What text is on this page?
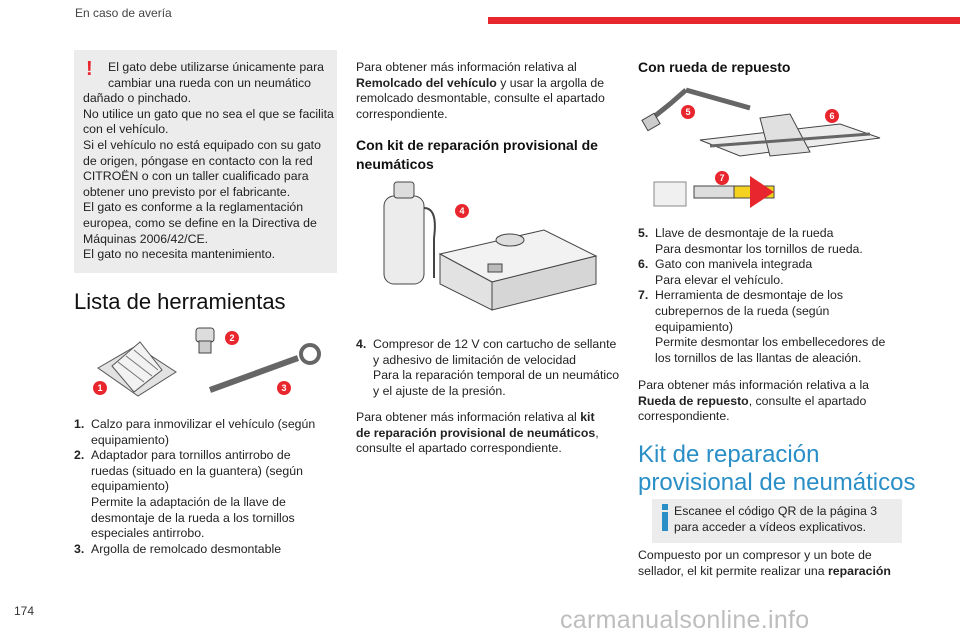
En caso de avería
!	El gato debe utilizarse únicamente para
cambiar una rueda con un neumático
dañado o pinchado.
No utilice un gato que no sea el que se facilita
con el vehículo.
Si el vehículo no está equipado con su gato
de origen, póngase en contacto con la red
CITROËN o con un taller cualificado para
obtener uno previsto por el fabricante.
El gato es conforme a la reglamentación
europea, como se define en la Directiva de
Máquinas 2006/42/CE.
El gato no necesita mantenimiento.
Lista de herramientas
1
2
3
1. Calzo para inmovilizar el vehículo (según
equipamiento)
2. Adaptador para tornillos antirrobo de
ruedas (situado en la guantera) (según
equipamiento)
Permite la adaptación de la llave de
desmontaje de la rueda a los tornillos
especiales antirrobo.
3. Argolla de remolcado desmontable
Para obtener más información relativa al
Remolcado del vehículo y usar la argolla de
remolcado desmontable, consulte el apartado
correspondiente.
Con kit de reparación provisional de
neumáticos
4
4. Compresor de 12 V con cartucho de sellante
y adhesivo de limitación de velocidad
Para la reparación temporal de un neumático
y el ajuste de la presión.
Para obtener más información relativa al kit
de reparación provisional de neumáticos,
consulte el apartado correspondiente.
Con rueda de repuesto
5	6
7
5. Llave de desmontaje de la rueda
Para desmontar los tornillos de rueda.
6. Gato con manivela integrada
Para elevar el vehículo.
7. Herramienta de desmontaje de los
cubrepernos de la rueda (según
equipamiento)
Permite desmontar los embellecedores de
los tornillos de las llantas de aleación.
Para obtener más información relativa a la
Rueda de repuesto, consulte el apartado
correspondiente.
Kit de reparación
provisional de neumáticos
Escanee el código QR de la página 3
para acceder a vídeos explicativos.
Compuesto por un compresor y un bote de
sellador, el kit permite realizar una reparación
174	carmanualsonline.info
